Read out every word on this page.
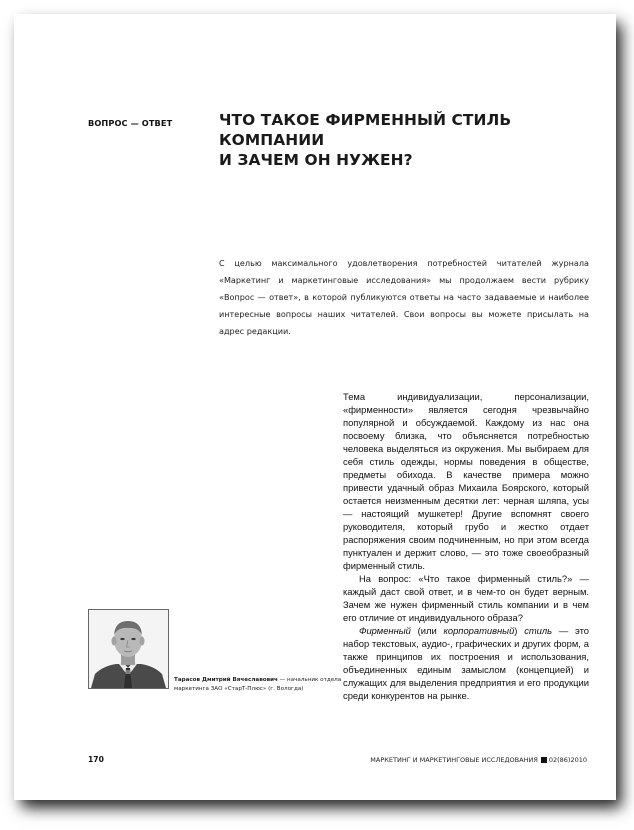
ВОПРОС — ОТВЕТ	ЧТО ТАКОЕ ФИРМЕННЫЙ СТИЛЬ КОМПАНИИ
И ЗАЧЕМ ОН НУЖЕН?
С целью максимального удовлетворения потребностей читателей журнала «Маркетинг и маркетинговые исследования» мы продолжаем вести рубрику «Вопрос — ответ», в которой публикуются ответы на часто задаваемые и наиболее интересные вопросы наших читателей. Свои вопросы вы можете присылать на адрес редакции.

Тема индивидуализации, персонализации, «фирменности» является сегодня чрезвычайно популярной и обсуждаемой. Каждому из нас она посвоему близка, что объясняется потребностью человека выделяться из окружения. Мы выбираем для себя стиль одежды, нормы поведения в обществе, предметы обихода. В качестве примера можно привести удачный образ Михаила Боярского, который остается неизменным десятки лет: черная шляпа, усы — настоящий мушкетер! Другие вспомнят своего руководителя, который грубо и жестко отдает распоряжения своим подчиненным, но при этом всегда пунктуален и держит слово, — это тоже своеобразный фирменный стиль.

На вопрос: «Что такое фирменный стиль?» — каждый даст свой ответ, и в чем-то он будет верным. Зачем же нужен фирменный стиль компании и в чем его отличие от индивидуального образа?

Фирменный (или корпоративный) стиль — это набор текстовых, аудио-, графических и других форм, а также принципов их построения и использования, объединенных единым замыслом (концепцией) и служащих для выделения предприятия и его продукции среди конкурентов на рынке.

Тарасов Дмитрий Вячеславович — начальник отдела маркетинга ЗАО «СтарТ-Плюс» (г. Вологда)
170	МАРКЕТИНГ И МАРКЕТИНГОВЫЕ ИССЛЕДОВАНИЯ 02(86)2010
